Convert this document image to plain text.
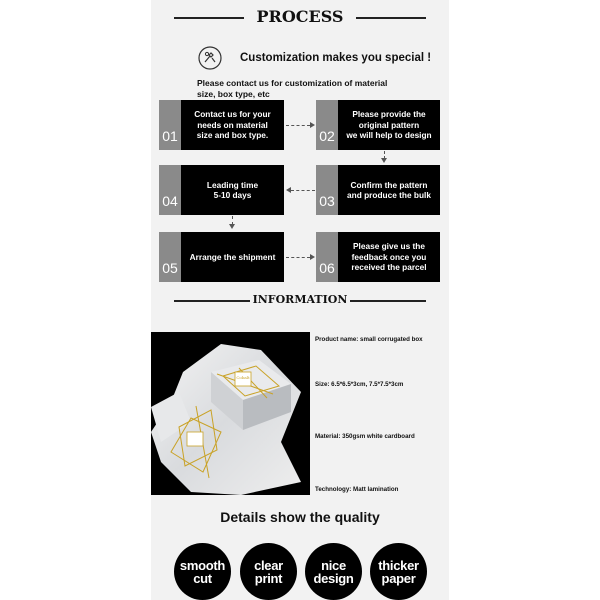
PROCESS
Customization makes you special !
Please contact us for customization of material
size, box type, etc
01
Contact us for your
needs on material
size and box type.	02
Please provide the
original pattern
we will help to design
04
Leading time
5-10 days	03
Confirm the pattern
and produce the bulk
05
Arrange the shipment
06
Please give us the
feedback once you
received the parcel
INFORMATION
Cobalt
Product name: small corrugated box
Size: 6.5*6.5*3cm, 7.5*7.5*3cm
Material: 350gsm white cardboard
Technology: Matt lamination
Details show the quality
smooth
cut
clear
print
nice
design
thicker
paper
